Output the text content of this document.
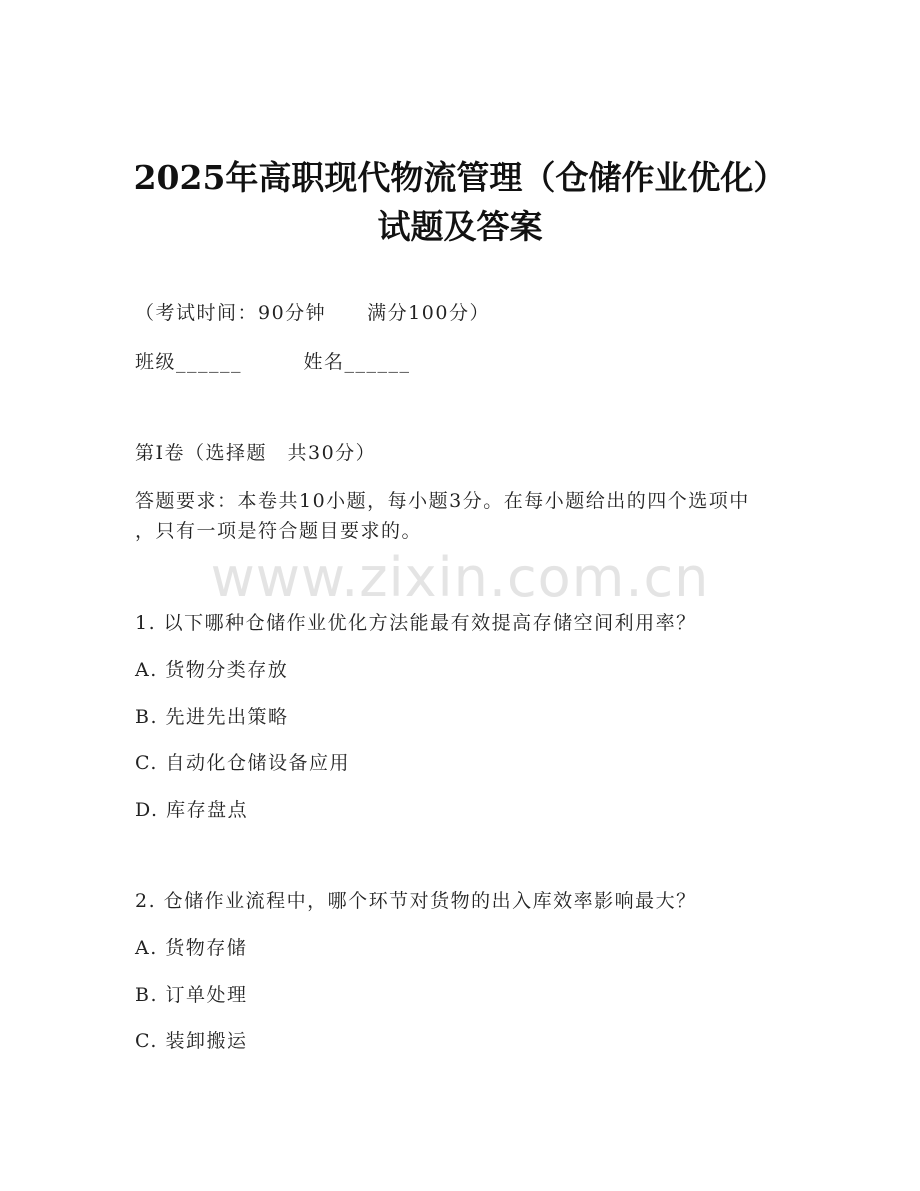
2025年高职现代物流管理（仓储作业优化）
试题及答案
（考试时间：90分钟　　满分100分）
班级______　　　姓名______
第Ⅰ卷（选择题　共30分）
答题要求：本卷共10小题，每小题3分。在每小题给出的四个选项中
，只有一项是符合题目要求的。
www.zixin.com.cn
1. 以下哪种仓储作业优化方法能最有效提高存储空间利用率？
A. 货物分类存放
B. 先进先出策略
C. 自动化仓储设备应用
D. 库存盘点
2. 仓储作业流程中，哪个环节对货物的出入库效率影响最大？
A. 货物存储
B. 订单处理
C. 装卸搬运
